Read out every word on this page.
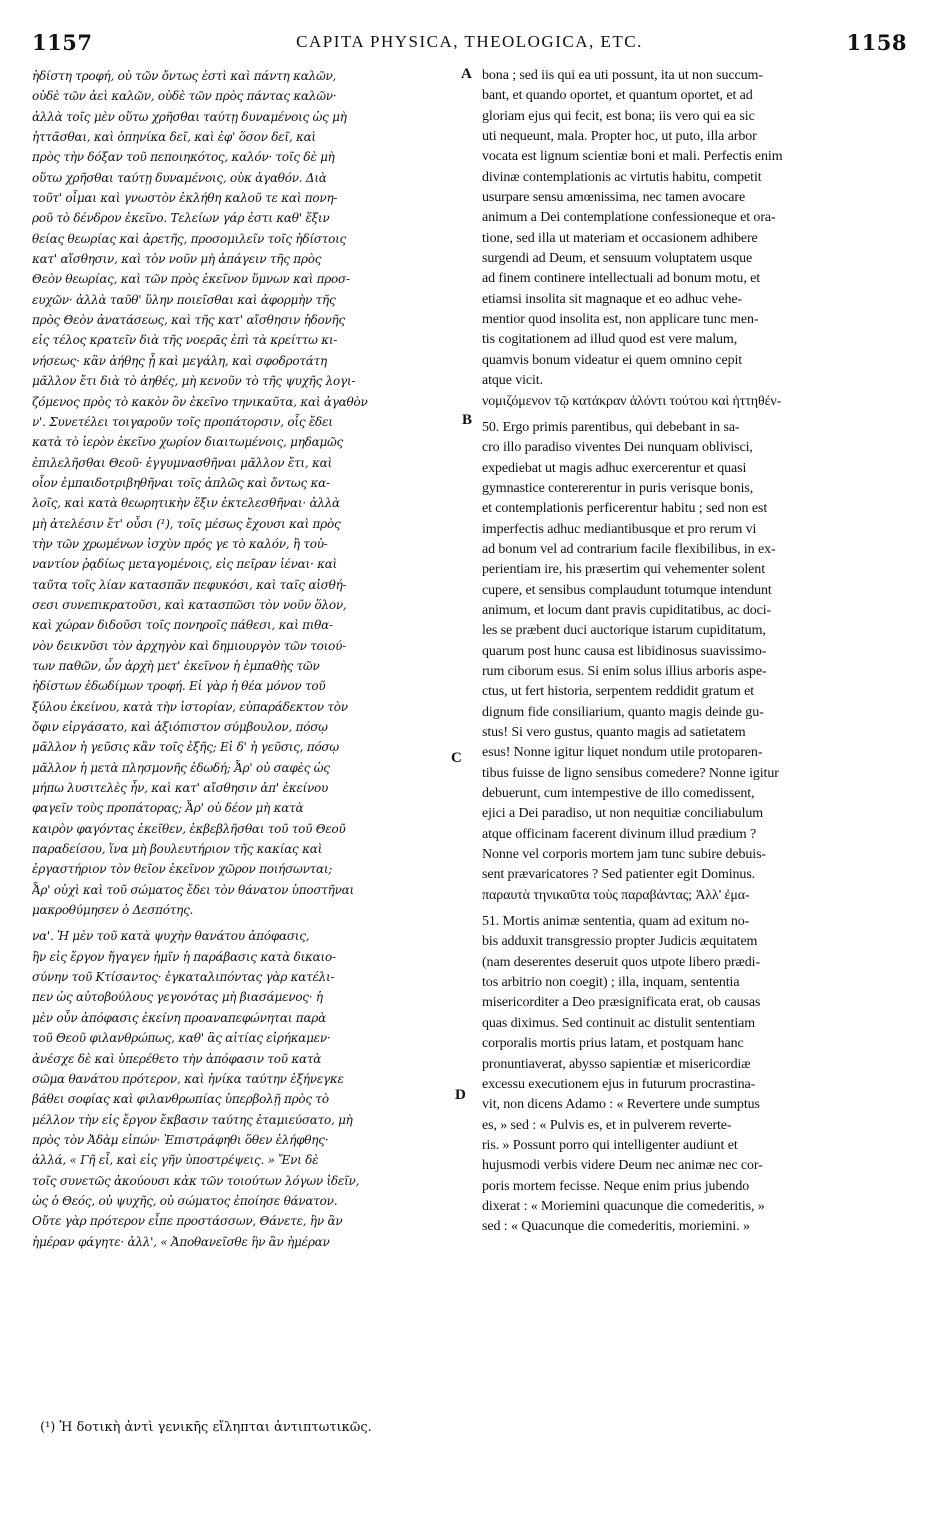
1157	CAPITA PHYSICA, THEOLOGICA, ETC.	1158
A
B
C
D
ἡδίστη τροφή, οὐ τῶν ὄντως ἐστὶ καὶ πάντη καλῶν,
οὐδὲ τῶν ἀεὶ καλῶν, οὐδὲ τῶν πρὸς πάντας καλῶν·
ἀλλὰ τοῖς μὲν οὕτω χρῆσθαι ταύτῃ δυναμένοις ὡς μὴ
ἡττᾶσθαι, καὶ ὁπηνίκα δεῖ, καὶ ἐφ' ὅσον δεῖ, καὶ
πρὸς τὴν δόξαν τοῦ πεποιηκότος, καλόν· τοῖς δὲ μὴ
οὕτω χρῆσθαι ταύτῃ δυναμένοις, οὐκ ἀγαθόν. Διὰ
τοῦτ' οἶμαι καὶ γνωστὸν ἐκλήθη καλοῦ τε καὶ πονη-
ροῦ τὸ δένδρον ἐκεῖνο. Τελείων γάρ ἐστι καθ' ἕξιν
θείας θεωρίας καὶ ἀρετῆς, προσομιλεῖν τοῖς ἡδίστοις
κατ' αἴσθησιν, καὶ τὸν νοῦν μὴ ἀπάγειν τῆς πρὸς
Θεὸν θεωρίας, καὶ τῶν πρὸς ἐκεῖνον ὕμνων καὶ προσ-
ευχῶν· ἀλλὰ ταῦθ' ὕλην ποιεῖσθαι καὶ ἀφορμὴν τῆς
πρὸς Θεὸν ἀνατάσεως, καὶ τῆς κατ' αἴσθησιν ἡδονῆς
εἰς τέλος κρατεῖν διὰ τῆς νοερᾶς ἐπὶ τὰ κρείττω κι-
νήσεως· κἂν ἀήθης ᾖ καὶ μεγάλη, καὶ σφοδροτάτη
μᾶλλον ἔτι διὰ τὸ ἀηθές, μὴ κενοῦν τὸ τῆς ψυχῆς λογι-
ζόμενος πρὸς τὸ κακὸν ὂν ἐκεῖνο τηνικαῦτα, καὶ ἀγαθὸν
ν'. Συνετέλει τοιγαροῦν τοῖς προπάτορσιν, οἷς ἔδει
κατὰ τὸ ἱερὸν ἐκεῖνο χωρίον διαιτωμένοις, μηδαμῶς
ἐπιλελῆσθαι Θεοῦ· ἐγγυμνασθῆναι μᾶλλον ἔτι, καὶ
οἷον ἐμπαιδοτριβηθῆναι τοῖς ἁπλῶς καὶ ὄντως κα-
λοῖς, καὶ κατὰ θεωρητικὴν ἕξιν ἐκτελεσθῆναι· ἀλλὰ
μὴ ἀτελέσιν ἔτ' οὖσι (¹), τοῖς μέσως ἔχουσι καὶ πρὸς
τὴν τῶν χρωμένων ἰσχὺν πρός γε τὸ καλόν, ἢ τοὐ-
ναντίον ῥᾳδίως μεταγομένοις, εἰς πεῖραν ἰέναι· καὶ
ταῦτα τοῖς λίαν κατασπᾶν πεφυκόσι, καὶ ταῖς αἰσθή-
σεσι συνεπικρατοῦσι, καὶ κατασπῶσι τὸν νοῦν ὅλον,
καὶ χώραν διδοῦσι τοῖς πονηροῖς πάθεσι, καὶ πιθα-
νὸν δεικνῦσι τὸν ἀρχηγὸν καὶ δημιουργὸν τῶν τοιού-
των παθῶν, ὧν ἀρχὴ μετ' ἐκεῖνον ἡ ἐμπαθὴς τῶν
ἡδίστων ἐδωδίμων τροφή. Εἰ γὰρ ἡ θέα μόνον τοῦ
ξύλου ἐκείνου, κατὰ τὴν ἱστορίαν, εὐπαράδεκτον τὸν
ὄφιν εἰργάσατο, καὶ ἀξιόπιστον σύμβουλον, πόσῳ
μᾶλλον ἡ γεῦσις κἂν τοῖς ἑξῆς; Εἰ δ' ἡ γεῦσις, πόσῳ
μᾶλλον ἡ μετὰ πλησμονῆς ἐδωδή; Ἆρ' οὐ σαφὲς ὡς
μήπω λυσιτελὲς ἦν, καὶ κατ' αἴσθησιν ἀπ' ἐκείνου
φαγεῖν τοὺς προπάτορας; Ἆρ' οὐ δέον μὴ κατὰ
καιρὸν φαγόντας ἐκεῖθεν, ἐκβεβλῆσθαι τοῦ τοῦ Θεοῦ
παραδείσου, ἵνα μὴ βουλευτήριον τῆς κακίας καὶ
ἐργαστήριον τὸν θεῖον ἐκεῖνον χῶρον ποιήσωνται;
Ἆρ' οὐχὶ καὶ τοῦ σώματος ἔδει τὸν θάνατον ὑποστῆναι
μακροθύμησεν ὁ Δεσπότης.
να'. Ἡ μὲν τοῦ κατὰ ψυχὴν θανάτου ἀπόφασις,
ἣν εἰς ἔργον ἤγαγεν ἡμῖν ἡ παράβασις κατὰ δικαιο-
σύνην τοῦ Κτίσαντος· ἐγκαταλιπόντας γὰρ κατέλι-
πεν ὡς αὐτοβούλους γεγονότας μὴ βιασάμενος· ἡ
μὲν οὖν ἀπόφασις ἐκείνη προαναπεφώνηται παρὰ
τοῦ Θεοῦ φιλανθρώπως, καθ' ἃς αἰτίας εἰρήκαμεν·
ἀνέσχε δὲ καὶ ὑπερέθετο τὴν ἀπόφασιν τοῦ κατὰ
σῶμα θανάτου πρότερον, καὶ ἡνίκα ταύτην ἐξήνεγκε
βάθει σοφίας καὶ φιλανθρωπίας ὑπερβολῇ πρὸς τὸ
μέλλον τὴν εἰς ἔργον ἔκβασιν ταύτης ἐταμιεύσατο, μὴ
πρὸς τὸν Ἀδὰμ εἰπών· Ἐπιστράφηθι ὅθεν ἐλήφθης·
ἀλλά, « Γῆ εἶ, καὶ εἰς γῆν ὑποστρέψεις. » Ἔνι δὲ
τοῖς συνετῶς ἀκούουσι κἀκ τῶν τοιούτων λόγων ἰδεῖν,
ὡς ὁ Θεός, οὐ ψυχῆς, οὐ σώματος ἐποίησε θάνατον.
Οὔτε γὰρ πρότερον εἶπε προστάσσων, Θάνετε, ἣν ἂν
ἡμέραν φάγητε· ἀλλ', « Ἀποθανεῖσθε ἣν ἂν ἡμέραν
bona ; sed iis qui ea uti possunt, ita ut non succum-
bant, et quando oportet, et quantum oportet, et ad
gloriam ejus qui fecit, est bona; iis vero qui ea sic
uti nequeunt, mala. Propter hoc, ut puto, illa arbor
vocata est lignum scientiæ boni et mali. Perfectis enim
divinæ contemplationis ac virtutis habitu, competit
usurpare sensu amœnissima, nec tamen avocare
animum a Dei contemplatione confessioneque et ora-
tione, sed illa ut materiam et occasionem adhibere
surgendi ad Deum, et sensuum voluptatem usque
ad finem continere intellectuali ad bonum motu, et
etiamsi insolita sit magnaque et eo adhuc vehe-
mentior quod insolita est, non applicare tunc men-
tis cogitationem ad illud quod est vere malum,
quamvis bonum videatur ei quem omnino cepit
atque vicit.
νομιζόμενον τῷ κατάκραν ἁλόντι τούτου καὶ ἡττηθέν-
50. Ergo primis parentibus, qui debebant in sa-
cro illo paradiso viventes Dei nunquam oblivisci,
expediebat ut magis adhuc exercerentur et quasi
gymnastice contererentur in puris verisque bonis,
et contemplationis perficerentur habitu ; sed non est
imperfectis adhuc mediantibusque et pro rerum vi
ad bonum vel ad contrarium facile flexibilibus, in ex-
perientiam ire, his præsertim qui vehementer solent
cupere, et sensibus complaudunt totumque intendunt
animum, et locum dant pravis cupiditatibus, ac doci-
les se præbent duci auctorique istarum cupiditatum,
quarum post hunc causa est libidinosus suavissimo-
rum ciborum esus. Si enim solus illius arboris aspe-
ctus, ut fert historia, serpentem reddidit gratum et
dignum fide consiliarium, quanto magis deinde gu-
stus! Si vero gustus, quanto magis ad satietatem
esus! Nonne igitur liquet nondum utile protoparen-
tibus fuisse de ligno sensibus comedere? Nonne igitur
debuerunt, cum intempestive de illo comedissent,
ejici a Dei paradiso, ut non nequitiæ conciliabulum
atque officinam facerent divinum illud prædium ?
Nonne vel corporis mortem jam tunc subire debuis-
sent prævaricatores ? Sed patienter egit Dominus.
παραυτὰ τηνικαῦτα τοὺς παραβάντας; Ἀλλ' ἐμα-
51. Mortis animæ sententia, quam ad exitum no-
bis adduxit transgressio propter Judicis æquitatem
(nam deserentes deseruit quos utpote libero prædi-
tos arbitrio non coegit) ; illa, inquam, sententia
misericorditer a Deo præsignificata erat, ob causas
quas diximus. Sed continuit ac distulit sententiam
corporalis mortis prius latam, et postquam hanc
pronuntiaverat, abysso sapientiæ et misericordiæ
excessu executionem ejus in futurum procrastina-
vit, non dicens Adamo : « Revertere unde sumptus
es, » sed : « Pulvis es, et in pulverem reverte-
ris. » Possunt porro qui intelligenter audiunt et
hujusmodi verbis videre Deum nec animæ nec cor-
poris mortem fecisse. Neque enim prius jubendo
dixerat : « Moriemini quacunque die comederitis, »
sed : « Quacunque die comederitis, moriemini. »
(¹) Ἡ δοτικὴ ἀντὶ γενικῆς εἴληπται ἀντιπτωτικῶς.
